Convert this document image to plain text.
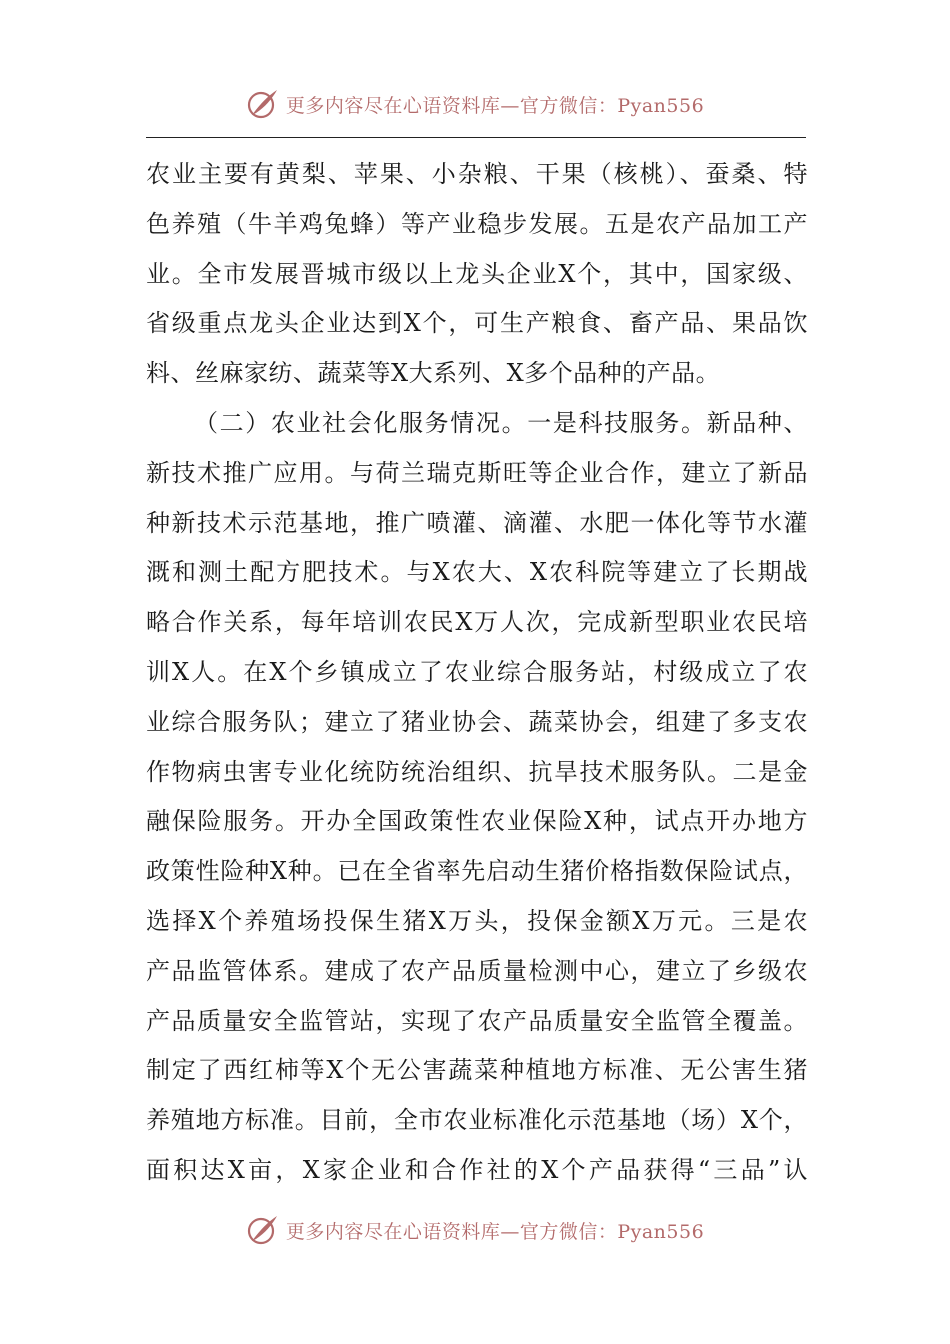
更多内容尽在心语资料库—官方微信：Pyan556
农业主要有黄梨、苹果、小杂粮、干果（核桃）、蚕桑、特
色养殖（牛羊鸡兔蜂）等产业稳步发展。五是农产品加工产
业。全市发展晋城市级以上龙头企业X个，其中，国家级、
省级重点龙头企业达到X个，可生产粮食、畜产品、果品饮
料、丝麻家纺、蔬菜等X大系列、X多个品种的产品。
（二）农业社会化服务情况。一是科技服务。新品种、
新技术推广应用。与荷兰瑞克斯旺等企业合作，建立了新品
种新技术示范基地，推广喷灌、滴灌、水肥一体化等节水灌
溉和测土配方肥技术。与X农大、X农科院等建立了长期战
略合作关系，每年培训农民X万人次，完成新型职业农民培
训X人。在X个乡镇成立了农业综合服务站，村级成立了农
业综合服务队；建立了猪业协会、蔬菜协会，组建了多支农
作物病虫害专业化统防统治组织、抗旱技术服务队。二是金
融保险服务。开办全国政策性农业保险X种，试点开办地方
政策性险种X种。已在全省率先启动生猪价格指数保险试点，
选择X个养殖场投保生猪X万头，投保金额X万元。三是农
产品监管体系。建成了农产品质量检测中心，建立了乡级农
产品质量安全监管站，实现了农产品质量安全监管全覆盖。
制定了西红柿等X个无公害蔬菜种植地方标准、无公害生猪
养殖地方标准。目前，全市农业标准化示范基地（场）X个，
面积达X亩，X家企业和合作社的X个产品获得“三品”认
更多内容尽在心语资料库—官方微信：Pyan556
